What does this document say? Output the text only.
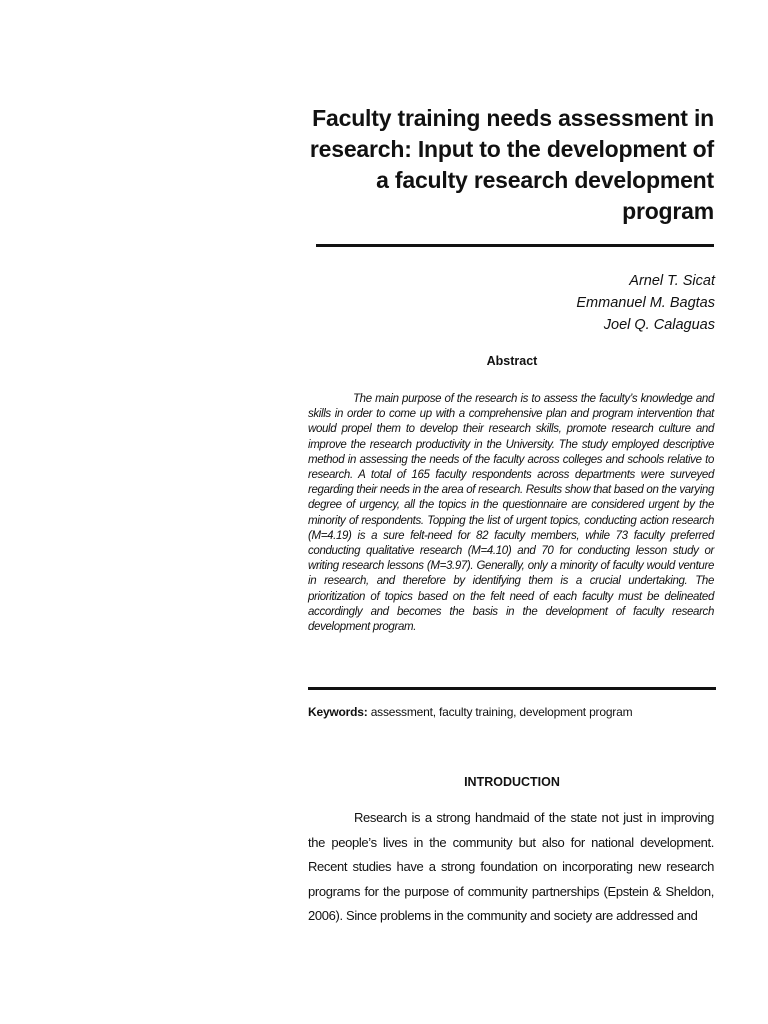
Faculty training needs assessment in research: Input to the development of a faculty research development program
Arnel T. Sicat
Emmanuel M. Bagtas
Joel Q. Calaguas
Abstract

The main purpose of the research is to assess the faculty’s knowledge and skills in order to come up with a comprehensive plan and program intervention that would propel them to develop their research skills, promote research culture and improve the research productivity in the University. The study employed descriptive method in assessing the needs of the faculty across colleges and schools relative to research. A total of 165 faculty respondents across departments were surveyed regarding their needs in the area of research. Results show that based on the varying degree of urgency, all the topics in the questionnaire are considered urgent by the minority of respondents. Topping the list of urgent topics, conducting action research (M=4.19) is a sure felt-need for 82 faculty members, while 73 faculty preferred conducting qualitative research (M=4.10) and 70 for conducting lesson study or writing research lessons (M=3.97). Generally, only a minority of faculty would venture in research, and therefore by identifying them is a crucial undertaking. The prioritization of topics based on the felt need of each faculty must be delineated accordingly and becomes the basis in the development of faculty research development program.

Keywords: assessment, faculty training, development program
INTRODUCTION

Research is a strong handmaid of the state not just in improving the people’s lives in the community but also for national development. Recent studies have a strong foundation on incorporating new research programs for the purpose of community partnerships (Epstein & Sheldon, 2006). Since problems in the community and society are addressed and
